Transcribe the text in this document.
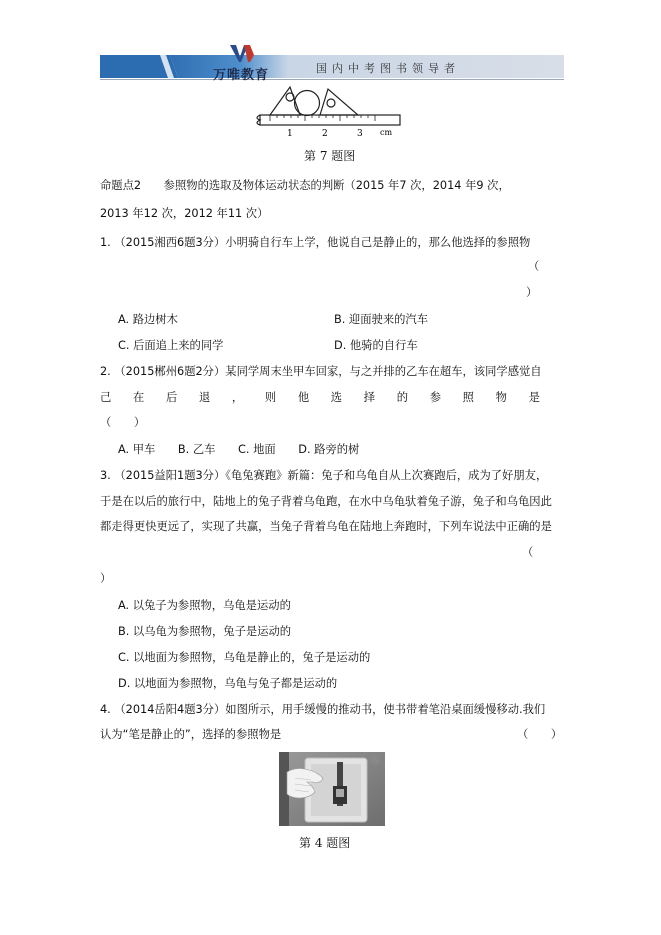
万唯教育	国内中考图书领导者
1	2	3 cm
第 7 题图
命题点2　　参照物的选取及物体运动状态的判断（2015 年7 次，2014 年9 次，
2013 年12 次，2012 年11 次）
1. （2015湘西6题3分）小明骑自行车上学，他说自己是静止的，那么他选择的参照物
（
）
A. 路边树木	B. 迎面驶来的汽车
C. 后面追上来的同学	D. 他骑的自行车
2. （2015郴州6题2分）某同学周末坐甲车回家，与之并排的乙车在超车，该同学感觉自
己 在 后 退 ， 则 他 选 择 的 参 照 物 是
（　　）
A. 甲车　　B. 乙车　　C. 地面　　D. 路旁的树
3. （2015益阳1题3分）《龟兔赛跑》新篇：兔子和乌龟自从上次赛跑后，成为了好朋友，
于是在以后的旅行中，陆地上的兔子背着乌龟跑，在水中乌龟驮着兔子游，兔子和乌龟因此
都走得更快更远了，实现了共赢，当兔子背着乌龟在陆地上奔跑时，下列车说法中正确的是
（
）
A. 以兔子为参照物，乌龟是运动的
B. 以乌龟为参照物，兔子是运动的
C. 以地面为参照物，乌龟是静止的，兔子是运动的
D. 以地面为参照物，乌龟与兔子都是运动的
4. （2014岳阳4题3分）如图所示，用手缓慢的推动书，使书带着笔沿桌面缓慢移动.我们
认为“笔是静止的”，选择的参照物是	（　　）
第 4 题图
